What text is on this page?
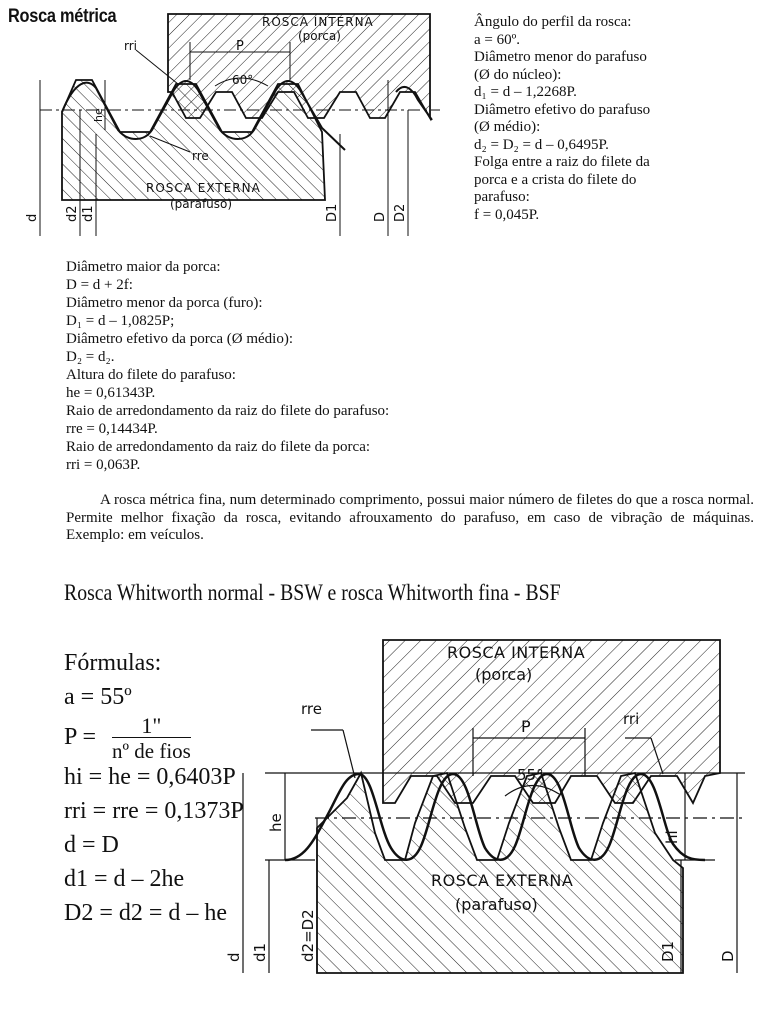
Rosca métrica
P
60°
ROSCA INTERNA
(porca)
ROSCA EXTERNA
(parafuso)
rri
rre
d d2 d1
he
D1	D D2
Ângulo do perfil da rosca:
a = 60º.
Diâmetro menor do parafuso
(Ø do núcleo):
d₁ = d – 1,2268P.
Diâmetro efetivo do parafuso
(Ø médio):
d₂ = D₂ = d – 0,6495P.
Folga entre a raiz do filete da
porca e a crista do filete do
parafuso:
f = 0,045P.
Diâmetro maior da porca:
D = d + 2f:
Diâmetro menor da porca (furo):
D₁ = d – 1,0825P;
Diâmetro efetivo da porca (Ø médio):
D₂ = d₂.
Altura do filete do parafuso:
he = 0,61343P.
Raio de arredondamento da raiz do filete do parafuso:
rre = 0,14434P.
Raio de arredondamento da raiz do filete da porca:
rri = 0,063P.
A rosca métrica fina, num determinado comprimento, possui maior número de filetes do que a rosca normal. Permite melhor fixação da rosca, evitando afrouxamento do parafuso, em caso de vibração de máquinas. Exemplo: em veículos.
Rosca Whitworth normal - BSW e rosca Whitworth fina - BSF
Fórmulas:
a = 55º
$P = \frac{1"}{\text{nº de fios}}$
hi = he = 0,6403P
rri = rre = 0,1373P
d = D
d1 = d – 2he
D2 = d2 = d – he
P
55°
ROSCA INTERNA
(porca)
ROSCA EXTERNA
(parafuso)
rre
rri
d d1
he
d2=D2
hi
D1	D
